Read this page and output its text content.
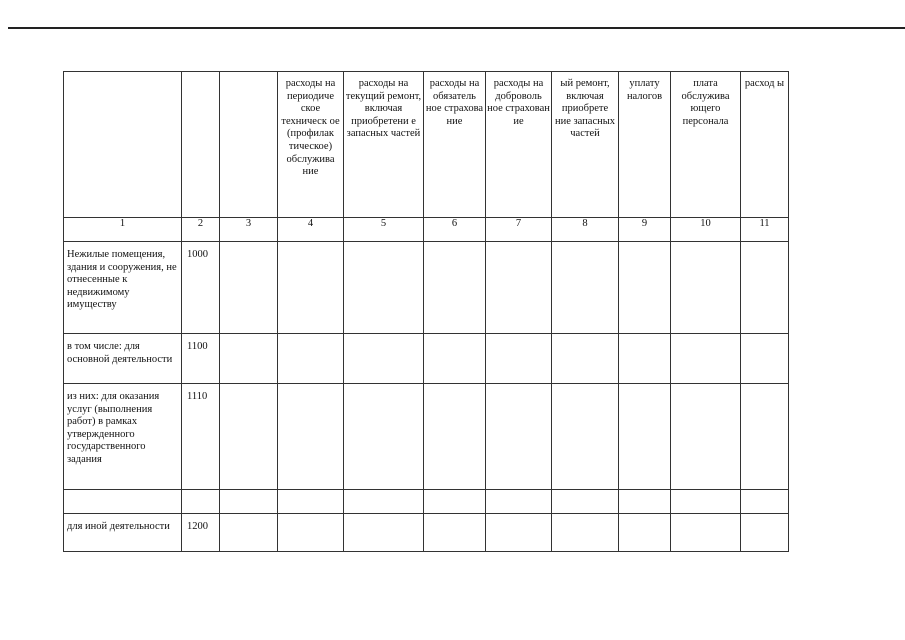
			расходы на периодиче ское техническ ое (профилак тическое) обслужива ние	расходы на текущий ремонт, включая приобретени е запасных частей	расходы на обязатель ное страхова ние	расходы на доброволь ное страхован ие	ый ремонт, включая приобрете ние запасных частей	уплату налогов	плата обслужива ющего персонала	расход ы

1	2	3	4	5	6	7	8	9	10	11

Нежилые помещения, здания и сооружения, не отнесенные к недвижимому имуществу	1000									

в том числе: для основной деятельности	1100									

из них: для оказания услуг (выполнения работ) в рамках утвержденного государственного задания	1110									

для иной деятельности	1200									
